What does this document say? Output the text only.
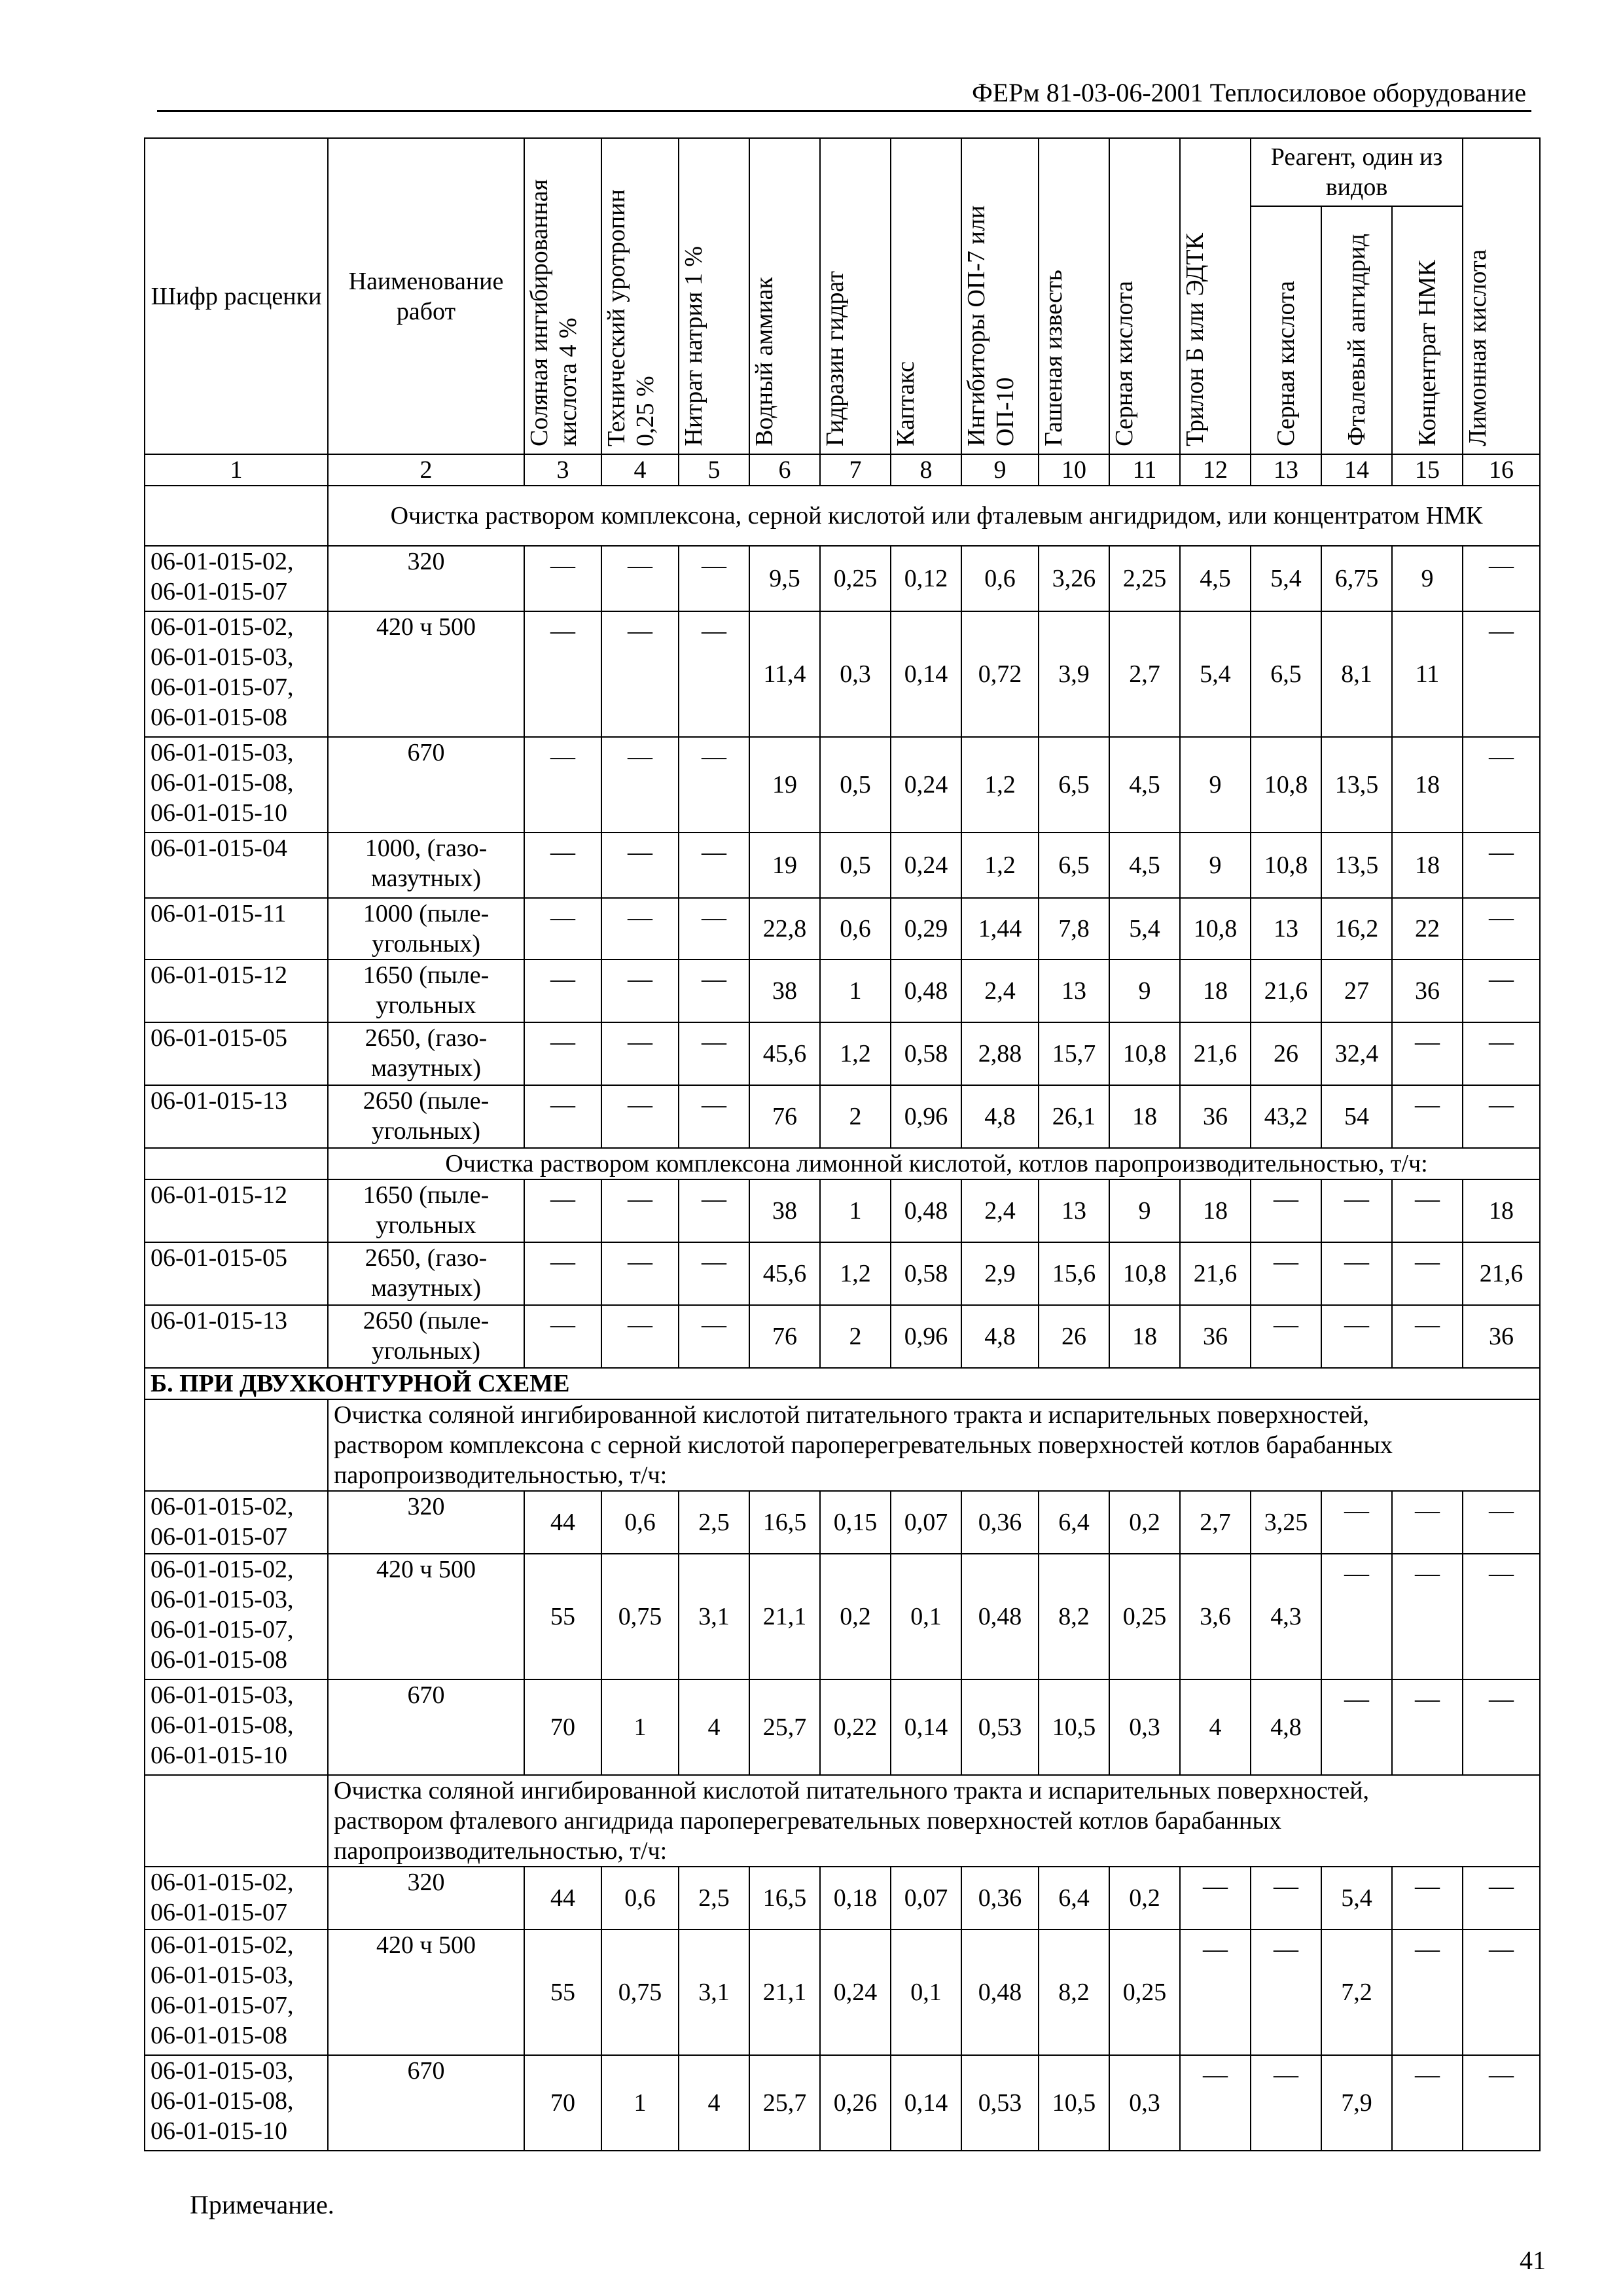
ФЕРм 81-03-06-2001 Теплосиловое оборудование
Шифр расценки	Наименование работ	Соляная ингибированная кислота 4 %	Технический уротропин 0,25 %	Нитрат натрия 1 %	Водный аммиак	Гидразин гидрат	Каптакс	Ингибиторы ОП-7 или ОП-10	Гашеная известь	Серная кислота	Трилон Б или ЭДТК	Реагент, один из видов			Лимонная кислота
												Серная кислота	Фталевый ангидрид	Концентрат НМК	
1	2	3	4	5	6	7	8	9	10	11	12	13	14	15	16

	Очистка раствором комплексона, серной кислотой или фталевым ангидридом, или концентратом НМК														

06-01-015-02,
06-01-015-07	320	—	—	—	9,5	0,25	0,12	0,6	3,26	2,25	4,5	5,4	6,75	9	—

06-01-015-02,
06-01-015-03,
06-01-015-07,
06-01-015-08	420 ч 500	—	—	—	11,4	0,3	0,14	0,72	3,9	2,7	5,4	6,5	8,1	11	—

06-01-015-03,
06-01-015-08,
06-01-015-10	670	—	—	—	19	0,5	0,24	1,2	6,5	4,5	9	10,8	13,5	18	—

06-01-015-04	1000, (газо-
мазутных)	—	—	—	19	0,5	0,24	1,2	6,5	4,5	9	10,8	13,5	18	—

06-01-015-11	1000 (пыле-
угольных)	—	—	—	22,8	0,6	0,29	1,44	7,8	5,4	10,8	13	16,2	22	—

06-01-015-12	1650 (пыле-
угольных	—	—	—	38	1	0,48	2,4	13	9	18	21,6	27	36	—

06-01-015-05	2650, (газо-
мазутных)	—	—	—	45,6	1,2	0,58	2,88	15,7	10,8	21,6	26	32,4	—	—

06-01-015-13	2650 (пыле-
угольных)	—	—	—	76	2	0,96	4,8	26,1	18	36	43,2	54	—	—

	Очистка раствором комплексона лимонной кислотой, котлов паропроизводительностью, т/ч:														

06-01-015-12	1650 (пыле-
угольных	—	—	—	38	1	0,48	2,4	13	9	18	—	—	—	18

06-01-015-05	2650, (газо-
мазутных)	—	—	—	45,6	1,2	0,58	2,9	15,6	10,8	21,6	—	—	—	21,6

06-01-015-13	2650 (пыле-
угольных)	—	—	—	76	2	0,96	4,8	26	18	36	—	—	—	36
Б. ПРИ ДВУХКОНТУРНОЙ СХЕМЕ															

	Очистка соляной ингибированной кислотой питательного тракта и испарительных поверхностей,
раствором комплексона с серной кислотой пароперегревательных поверхностей котлов барабанных
паропроизводительностью, т/ч:														

06-01-015-02,
06-01-015-07	320	44	0,6	2,5	16,5	0,15	0,07	0,36	6,4	0,2	2,7	3,25	—	—	—

06-01-015-02,
06-01-015-03,
06-01-015-07,
06-01-015-08	420 ч 500	55	0,75	3,1	21,1	0,2	0,1	0,48	8,2	0,25	3,6	4,3	—	—	—

06-01-015-03,
06-01-015-08,
06-01-015-10	670	70	1	4	25,7	0,22	0,14	0,53	10,5	0,3	4	4,8	—	—	—

	Очистка соляной ингибированной кислотой питательного тракта и испарительных поверхностей,
раствором фталевого ангидрида пароперегревательных поверхностей котлов барабанных
паропроизводительностью, т/ч:														

06-01-015-02,
06-01-015-07	320	44	0,6	2,5	16,5	0,18	0,07	0,36	6,4	0,2	—	—	5,4	—	—

06-01-015-02,
06-01-015-03,
06-01-015-07,
06-01-015-08	420 ч 500	55	0,75	3,1	21,1	0,24	0,1	0,48	8,2	0,25	—	—	7,2	—	—

06-01-015-03,
06-01-015-08,
06-01-015-10	670	70	1	4	25,7	0,26	0,14	0,53	10,5	0,3	—	—	7,9	—	—
Примечание.
41
